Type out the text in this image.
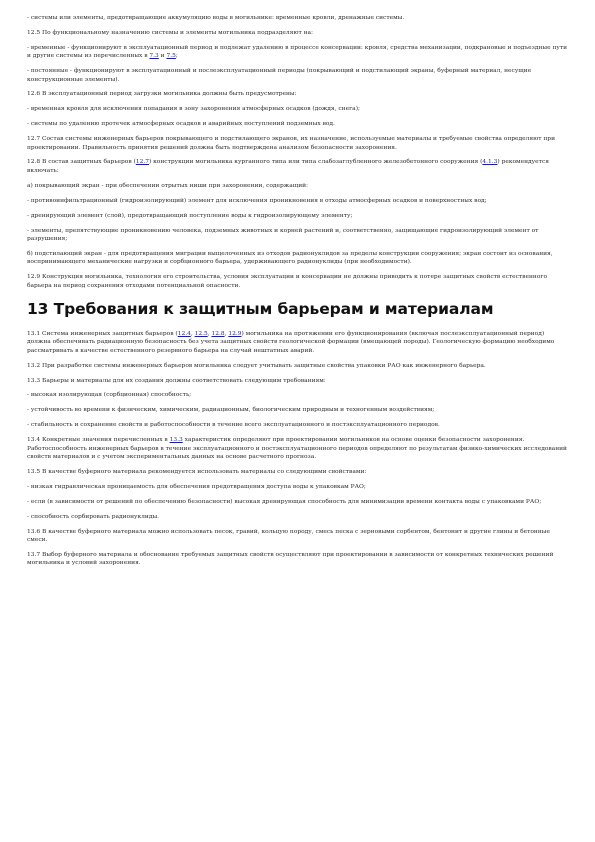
- системы или элементы, предотвращающие аккумуляцию воды в могильнике: временные кровли, дренажные системы.

12.5 По функциональному назначению системы и элементы могильника подразделяют на:

- временные - функционируют в эксплуатационный период и подлежат удалению в процессе консервации: кровля, средства механизации, подкрановые и подъездные пути и другие системы из перечисленных в 7.3 и 7.5;

- постоянные - функционируют в эксплуатационный и послеэксплуатационный периоды (покрывающий и подстилающий экраны, буферный материал, несущие конструкционные элементы).

12.6 В эксплуатационный период загрузки могильника должны быть предусмотрены:

- временная кровля для исключения попадания в зону захоронения атмосферных осадков (дождя, снега);

- системы по удалению протечек атмосферных осадков и аварийных поступлений подземных вод.

12.7 Состав системы инженерных барьеров покрывающего и подстилающего экранов, их назначение, используемые материалы и требуемые свойства определяют при проектировании. Правильность принятия решений должна быть подтверждена анализом безопасности захоронения.

12.8 В состав защитных барьеров (12.7) конструкции могильника курганного типа или типа слабозаглубленного железобетонного сооружения (4.1.3) рекомендуется включать:

а) покрывающий экран - при обеспечении отрытых ниши при захоронении, содержащий:

- противоинфильтрационный (гидроизолирующий) элемент для исключения проникновения в отходы атмосферных осадков и поверхностных вод;

- дренирующий элемент (слой), предотвращающий поступление воды к гидроизолирующему элементу;

- элементы, препятствующие проникновению человека, подземных животных и корней растений и, соответственно, защищающие гидроизолирующий элемент от разрушения;

б) подстилающий экран - для предотвращения миграции выщелоченных из отходов радионуклидов за пределы конструкции сооружения; экран состоит из основания, воспринимающего механические нагрузки и сорбционного барьера, удерживающего радионуклиды (при необходимости).

12.9 Конструкция могильника, технология его строительства, условия эксплуатации и консервации не должны приводить к потере защитных свойств естественного барьера на период сохранения отходами потенциальной опасности.

13 Требования к защитным барьерам и материалам

13.1 Система инженерных защитных барьеров (12.4, 12.5, 12.8, 12.9) могильника на протяжении его функционирования (включая послеэксплуатационный период) должна обеспечивать радиационную безопасность без учета защитных свойств геологической формации (вмещающей породы). Геологическую формацию необходимо рассматривать в качестве естественного резервного барьера на случай нештатных аварий.

13.2 При разработке системы инженерных барьеров могильника следует учитывать защитные свойства упаковки РАО как инженерного барьера.

13.3 Барьеры и материалы для их создания должны соответствовать следующим требованиям:

- высокая изолирующая (сорбционная) способность;

- устойчивость во времени к физическим, химическим, радиационным, биологическим природным и техногенным воздействиям;

- стабильность и сохранение свойств и работоспособности в течение всего эксплуатационного и постэксплуатационного периодов.

13.4 Конкретные значения перечисленных в 13.3 характеристик определяют при проектировании могильников на основе оценки безопасности захоронения. Работоспособность инженерных барьеров в течение эксплуатационного и постэксплуатационного периодов определяют по результатам физико-химических исследований свойств материалов и с учетом экспериментальных данных на основе расчетного прогноза.

13.5 В качестве буферного материала рекомендуется использовать материалы со следующими свойствами:

- низкая гидравлическая проницаемость для обеспечения предотвращения доступа воды к упаковкам РАО;

- если (в зависимости от решений по обеспечению безопасности) высокая дренирующая способность для минимизации времени контакта воды с упаковками РАО;

- способность сорбировать радионуклиды.

13.6 В качестве буферного материала можно использовать песок, гравий, кольцую породу, смесь песка с зерновыми сорбентом, бентонит и другие глины и бетонные смеси.

13.7 Выбор буферного материала и обоснование требуемых защитных свойств осуществляют при проектировании в зависимости от конкретных технических решений могильника и условий захоронения.
